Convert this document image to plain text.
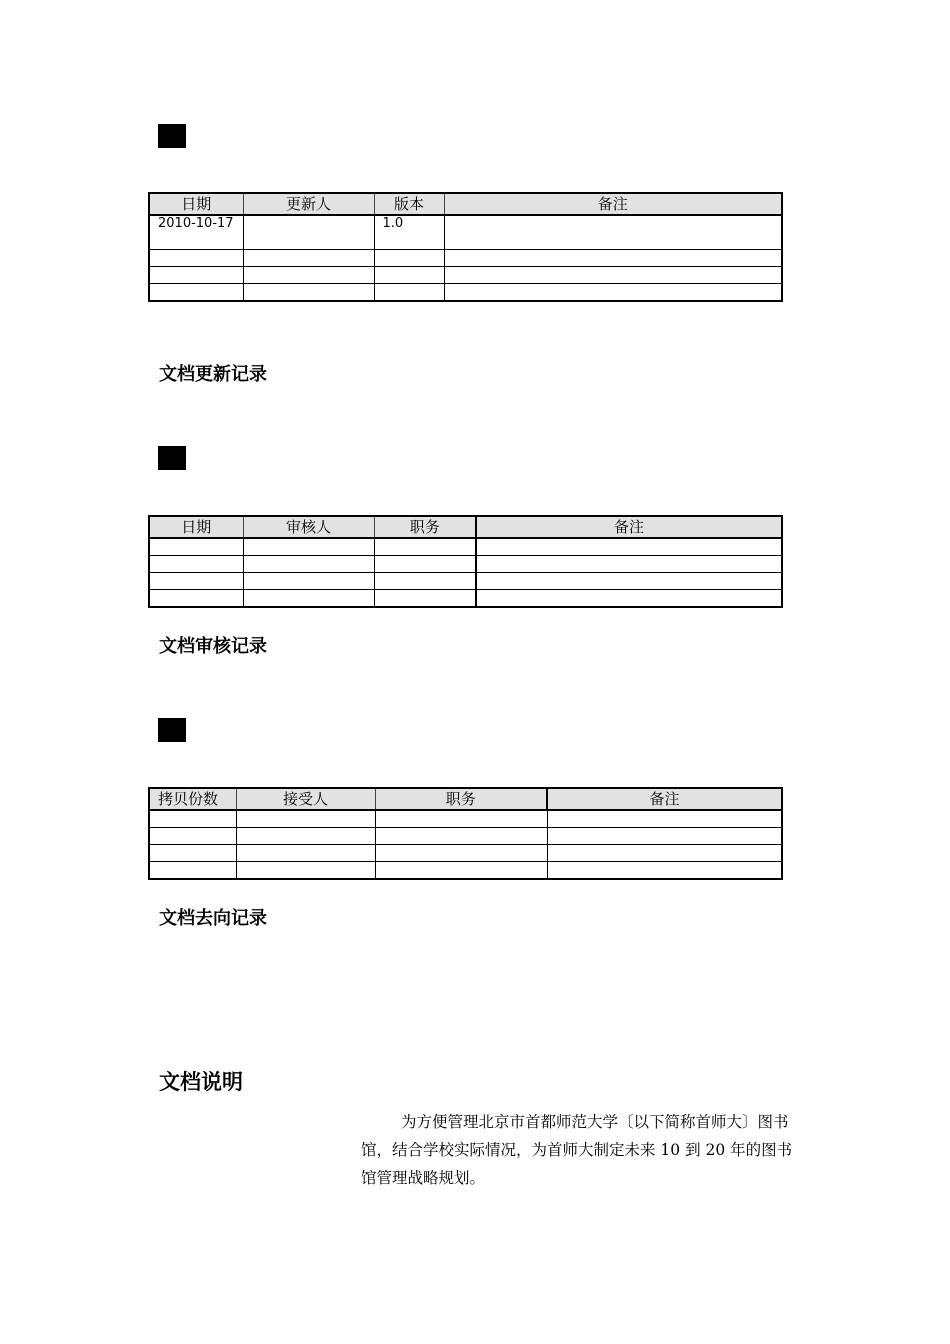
日期	更新人	版本	备注
2010-10-17		1.0	

文档更新记录
日期	审核人	职务	备注

文档审核记录
拷贝份数	接受人	职务	备注

文档去向记录
文档说明
为方便管理北京市首都师范大学〔以下简称首师大〕图书馆，结合学校实际情况，为首师大制定未来 10 到 20 年的图书馆管理战略规划。
